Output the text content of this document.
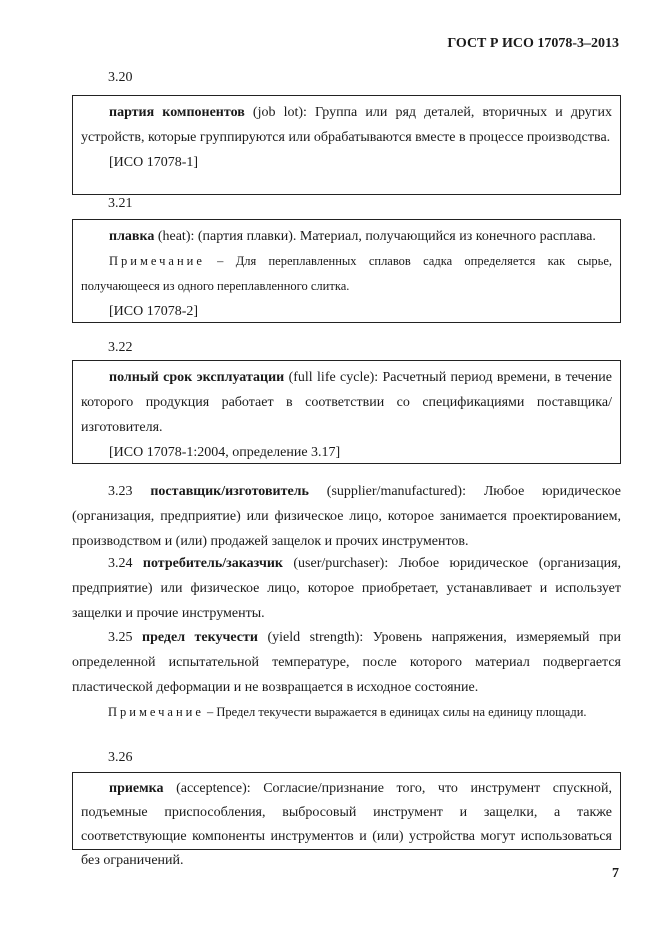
ГОСТ Р ИСО 17078-3–2013
3.20

партия компонентов (job lot): Группа или ряд деталей, вторичных и других устройств, которые группируются или обрабатываются вместе в процессе производства.

[ИСО 17078-1]

3.21

плавка (heat): (партия плавки). Материал, получающийся из конечного расплава.

Примечание – Для переплавленных сплавов садка определяется как сырье, получающееся из одного переплавленного слитка.

[ИСО 17078-2]

3.22

полный срок эксплуатации (full life cycle): Расчетный период времени, в течение которого продукция работает в соответствии со спецификациями поставщика/изготовителя.

[ИСО 17078-1:2004, определение 3.17]

3.23 поставщик/изготовитель (supplier/manufactured): Любое юридическое (организация, предприятие) или физическое лицо, которое занимается проектированием, производством и (или) продажей защелок и прочих инструментов.

3.24 потребитель/заказчик (user/purchaser): Любое юридическое (организация, предприятие) или физическое лицо, которое приобретает, устанавливает и использует защелки и прочие инструменты.

3.25 предел текучести (yield strength): Уровень напряжения, измеряемый при определенной испытательной температуре, после которого материал подвергается пластической деформации и не возвращается в исходное состояние.

Примечание – Предел текучести выражается в единицах силы на единицу площади.

3.26

приемка (acceptence): Согласие/признание того, что инструмент спускной, подъемные приспособления, выбросовый инструмент и защелки, а также соответствующие компоненты инструментов и (или) устройства могут использоваться без ограничений.

7
